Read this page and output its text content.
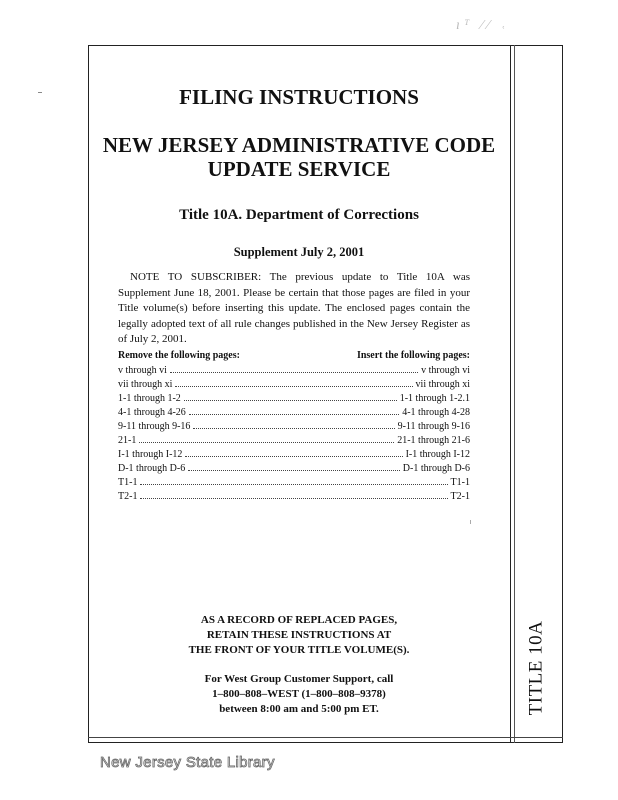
ıᵀ ⁄⁄ ˓
FILING INSTRUCTIONS
NEW JERSEY ADMINISTRATIVE CODE
UPDATE SERVICE
Title 10A. Department of Corrections
Supplement July 2, 2001

NOTE TO SUBSCRIBER: The previous update to Title 10A was Supplement June 18, 2001. Please be certain that those pages are filed in your Title volume(s) before inserting this update. The enclosed pages contain the legally adopted text of all rule changes published in the New Jersey Register as of July 2, 2001.

Remove the following pages:	Insert the following pages:
v through vi	v through vi
vii through xi	vii through xi
1-1 through 1-2	1-1 through 1-2.1
4-1 through 4-26	4-1 through 4-28
9-11 through 9-16	9-11 through 9-16
21-1	21-1 through 21-6
I-1 through I-12	I-1 through I-12
D-1 through D-6	D-1 through D-6
T1-1	T1-1
T2-1	T2-1
AS A RECORD OF REPLACED PAGES,
RETAIN THESE INSTRUCTIONS AT
THE FRONT OF YOUR TITLE VOLUME(S).
For West Group Customer Support, call
1–800–808–WEST (1–800–808–9378)
between 8:00 am and 5:00 pm ET.	TITLE 10A
New Jersey State Library
